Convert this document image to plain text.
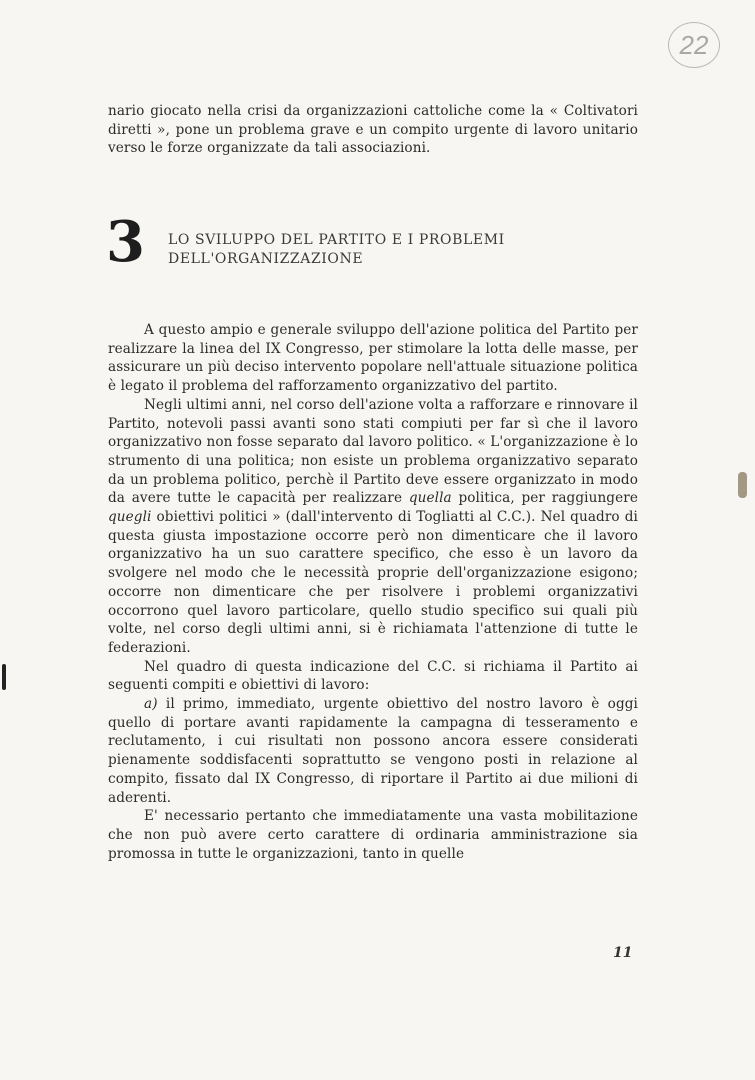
22

nario giocato nella crisi da organizzazioni cattoliche come la « Coltivatori diretti », pone un problema grave e un compito urgente di lavoro unitario verso le forze organizzate da tali associazioni.

3 LO SVILUPPO DEL PARTITO E I PROBLEMI DELL'ORGANIZZAZIONE

A questo ampio e generale sviluppo dell'azione politica del Partito per realizzare la linea del IX Congresso, per stimolare la lotta delle masse, per assicurare un più deciso intervento popolare nell'attuale situazione politica è legato il problema del rafforzamento organizzativo del partito.

Negli ultimi anni, nel corso dell'azione volta a rafforzare e rinnovare il Partito, notevoli passi avanti sono stati compiuti per far sì che il lavoro organizzativo non fosse separato dal lavoro politico. « L'organizzazione è lo strumento di una politica; non esiste un problema organizzativo separato da un problema politico, perchè il Partito deve essere organizzato in modo da avere tutte le capacità per realizzare quella politica, per raggiungere quegli obiettivi politici » (dall'intervento di Togliatti al C.C.). Nel quadro di questa giusta impostazione occorre però non dimenticare che il lavoro organizzativo ha un suo carattere specifico, che esso è un lavoro da svolgere nel modo che le necessità proprie dell'organizzazione esigono; occorre non dimenticare che per risolvere i problemi organizzativi occorrono quel lavoro particolare, quello studio specifico sui quali più volte, nel corso degli ultimi anni, si è richiamata l'attenzione di tutte le federazioni.

Nel quadro di questa indicazione del C.C. si richiama il Partito ai seguenti compiti e obiettivi di lavoro:

a) il primo, immediato, urgente obiettivo del nostro lavoro è oggi quello di portare avanti rapidamente la campagna di tesseramento e reclutamento, i cui risultati non possono ancora essere considerati pienamente soddisfacenti soprattutto se vengono posti in relazione al compito, fissato dal IX Congresso, di riportare il Partito ai due milioni di aderenti.

E' necessario pertanto che immediatamente una vasta mobilitazione che non può avere certo carattere di ordinaria amministrazione sia promossa in tutte le organizzazioni, tanto in quelle

11
